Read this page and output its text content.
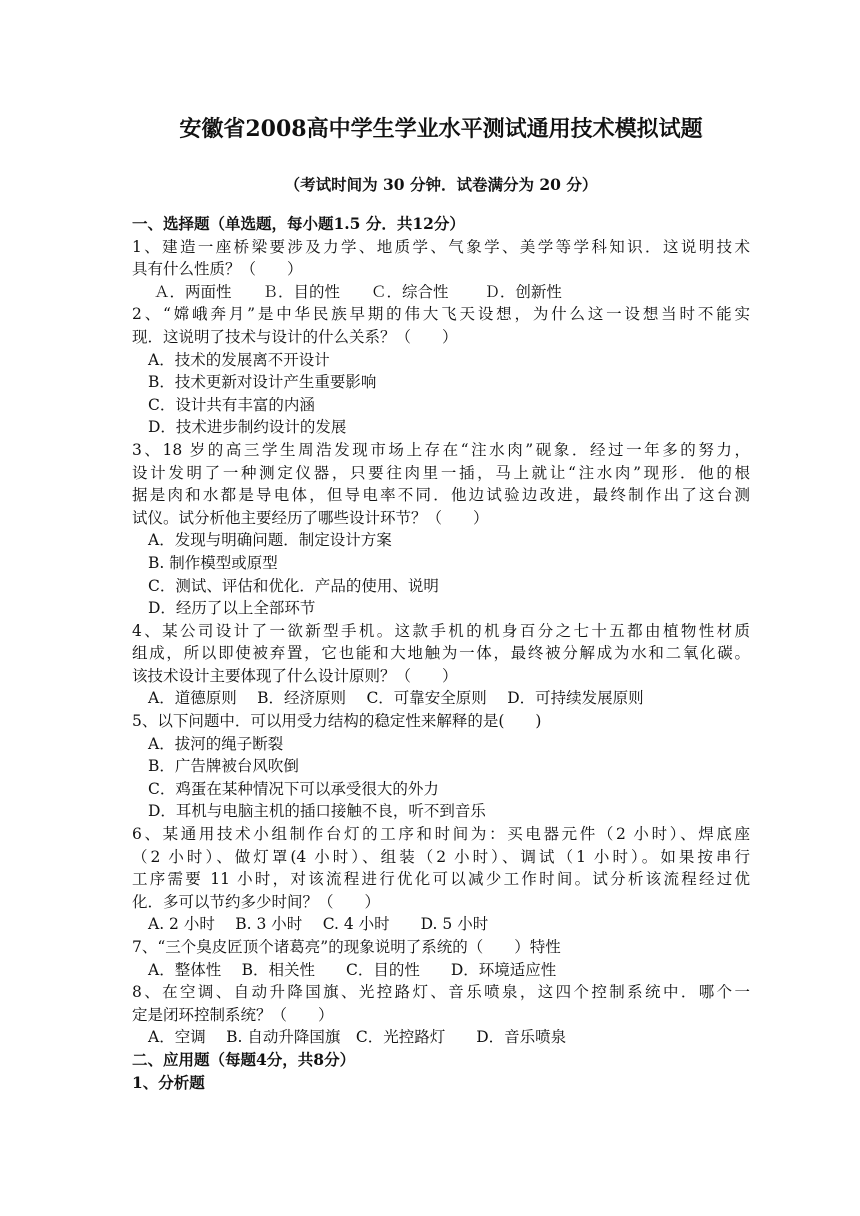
安徽省2008高中学生学业水平测试通用技术模拟试题

（考试时间为 30 分钟．试卷满分为 20 分）

一、选择题（单选题，每小题1.5 分．共12分）
1、建造一座桥梁要涉及力学、地质学、气象学、美学等学科知识．这说明技术
具有什么性质？（　　）
Ａ．两面性　　Ｂ．目的性　　Ｃ．综合性　　 Ｄ．创新性
2、“嫦峨奔月”是中华民族早期的伟大飞天设想，为什么这一设想当时不能实
现．这说明了技术与设计的什么关系？（　　）
A．技术的发展离不开设计
B．技术更新对设计产生重要影响
C．设计共有丰富的内涵
D．技术进步制约设计的发展
3、18 岁的高三学生周浩发现市场上存在“注水肉”砚象．经过一年多的努力，
设计发明了一种测定仪器，只要往肉里一插，马上就让“注水肉”现形．他的根
据是肉和水都是导电体，但导电率不同．他边试验边改进，最终制作出了这台测
试仪。试分析他主要经历了哪些设计环节？（　　）
A．发现与明确问题．制定设计方案
B. 制作模型或原型
C．测试、评估和优化．产品的使用、说明
D．经历了以上全部环节
4、某公司设计了一欲新型手机。这款手机的机身百分之七十五都由植物性材质
组成，所以即使被弃置，它也能和大地触为一体，最终被分解成为水和二氧化碳。
该技术设计主要体现了什么设计原则？（　　）
A．道德原则　 B．经济原则　 C．可靠安全原则　 D．可持续发展原则
5、以下问题中．可以用受力结构的稳定性来解释的是(　　)
A．拔河的绳子断裂
B．广告牌被台风吹倒
C．鸡蛋在某种情况下可以承受很大的外力
D．耳机与电脑主机的插口接触不良，听不到音乐
6、某通用技术小组制作台灯的工序和时间为：买电器元件（2 小时）、焊底座
（2 小时）、做灯罩(4 小时）、组装（2 小时）、调试（1 小时）。如果按串行
工序需要 11 小时，对该流程进行优化可以减少工作时间。试分析该流程经过优
化．多可以节约多少时间？（　　）
A. 2 小时　 B. 3 小时　 C. 4 小时　　D. 5 小时
7、“三个臭皮匠顶个诸葛亮”的现象说明了系统的（　　）特性
A．整体性　 B．相关性　　C．目的性　　D．环境适应性
8、在空调、自动升降国旗、光控路灯、音乐喷泉，这四个控制系统中．哪个一
定是闭环控制系统？（　　）
A．空调　 B. 自动升降国旗　C．光控路灯　　D．音乐喷泉
二、应用题（每题4分，共8分）
1、分析题
